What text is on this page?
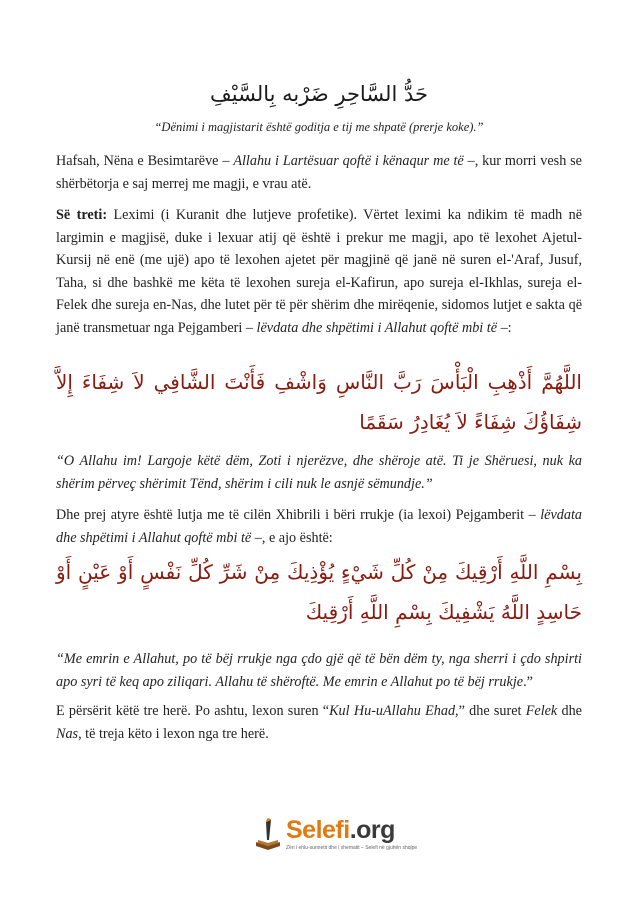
حَدُّ السَّاحِرِ ضَرْبه بِالسَّيْفِ
“Dënimi i magjistarit është goditja e tij me shpatë (prerje koke).”

Hafsah, Nëna e Besimtarëve – Allahu i Lartësuar qoftë i kënaqur me të –, kur morri vesh se shërbëtorja e saj merrej me magji, e vrau atë.

Së treti: Leximi (i Kuranit dhe lutjeve profetike). Vërtet leximi ka ndikim të madh në largimin e magjisë, duke i lexuar atij që është i prekur me magji, apo të lexohet Ajetul-Kursij në enë (me ujë) apo të lexohen ajetet për magjinë që janë në suren el-'Araf, Jusuf, Taha, si dhe bashkë me këta të lexohen sureja el-Kafirun, apo sureja el-Ikhlas, sureja el-Felek dhe sureja en-Nas, dhe lutet për të për shërim dhe mirëqenie, sidomos lutjet e sakta që janë transmetuar nga Pejgamberi – lëvdata dhe shpëtimi i Allahut qoftë mbi të –:

اللَّهُمَّ أَذْهِبِ الْبَأْسَ رَبَّ النَّاسِ وَاشْفِ فَأَنْتَ الشَّافِي لاَ شِفَاءَ إِلاَّ شِفَاؤُكَ شِفَاءً لاَ يُغَادِرُ سَقَمًا

“O Allahu im! Largoje këtë dëm, Zoti i njerëzve, dhe shëroje atë. Ti je Shëruesi, nuk ka shërim përveç shërimit Tënd, shërim i cili nuk le asnjë sëmundje.”

Dhe prej atyre është lutja me të cilën Xhibrili i bëri rrukje (ia lexoi) Pejgamberit – lëvdata dhe shpëtimi i Allahut qoftë mbi të –, e ajo është:

بِسْمِ اللَّهِ أَرْقِيكَ مِنْ كُلِّ شَيْءٍ يُؤْذِيكَ مِنْ شَرِّ كُلِّ نَفْسٍ أَوْ عَيْنٍ أَوْ حَاسِدٍ اللَّهُ يَشْفِيكَ بِسْمِ اللَّهِ أَرْقِيكَ

“Me emrin e Allahut, po të bëj rrukje nga çdo gjë që të bën dëm ty, nga sherri i çdo shpirti apo syri të keq apo ziliqari. Allahu të shëroftë. Me emrin e Allahut po të bëj rrukje.”

E përsërit këtë tre herë. Po ashtu, lexon suren “Kul Hu-uAllahu Ehad,” dhe suret Felek dhe Nas, të treja këto i lexon nga tre herë.

Selefi.org
Zëri i ehlu-sunnetit dhe i xhematit – Selefi në gjuhën shqipe
